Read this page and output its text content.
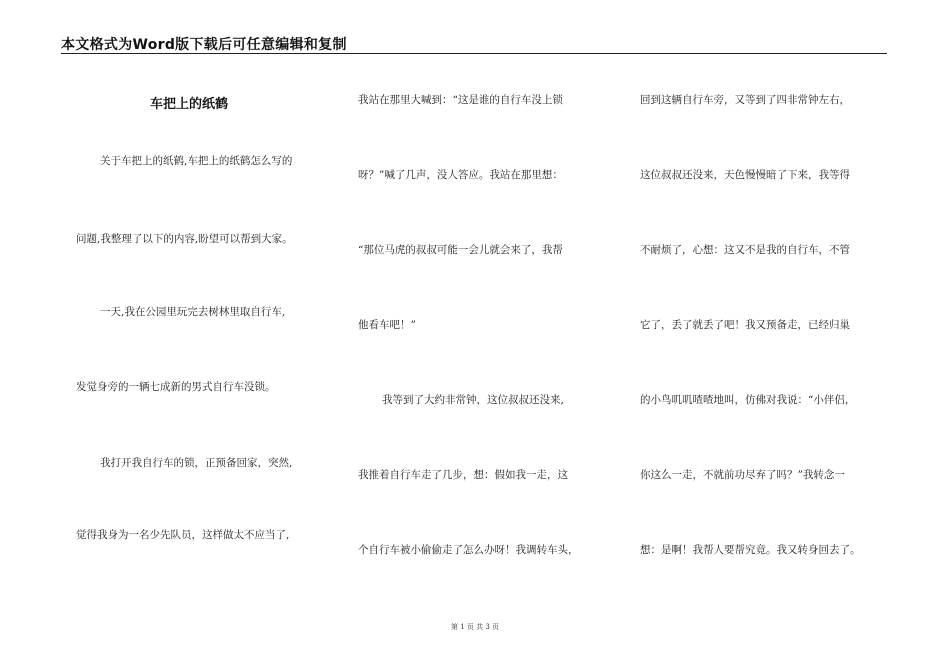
本文格式为Word版下载后可任意编辑和复制
车把上的纸鹤
关于车把上的纸鹤,车把上的纸鹤怎么写的
问题,我整理了以下的内容,盼望可以帮到大家。
一天,我在公园里玩完去树林里取自行车,
发觉身旁的一辆七成新的男式自行车没锁。
我打开我自行车的锁，正预备回家，突然,
觉得我身为一名少先队员，这样做太不应当了,
我站在那里大喊到：“这是谁的自行车没上锁
呀？”喊了几声，没人答应。我站在那里想：
“那位马虎的叔叔可能一会儿就会来了，我帮
他看车吧！”
我等到了大约非常钟，这位叔叔还没来,
我推着自行车走了几步，想：假如我一走，这
个自行车被小偷偷走了怎么办呀！我调转车头，
回到这辆自行车旁，又等到了四非常钟左右，
这位叔叔还没来，天色慢慢暗了下来，我等得
不耐烦了，心想：这又不是我的自行车，不管
它了，丢了就丢了吧！我又预备走，已经归巢
的小鸟叽叽喳喳地叫，仿佛对我说：“小伴侣，
你这么一走，不就前功尽弃了吗？”我转念一
想：是啊！我帮人要帮究竟。我又转身回去了。
第 1 页 共 3 页
